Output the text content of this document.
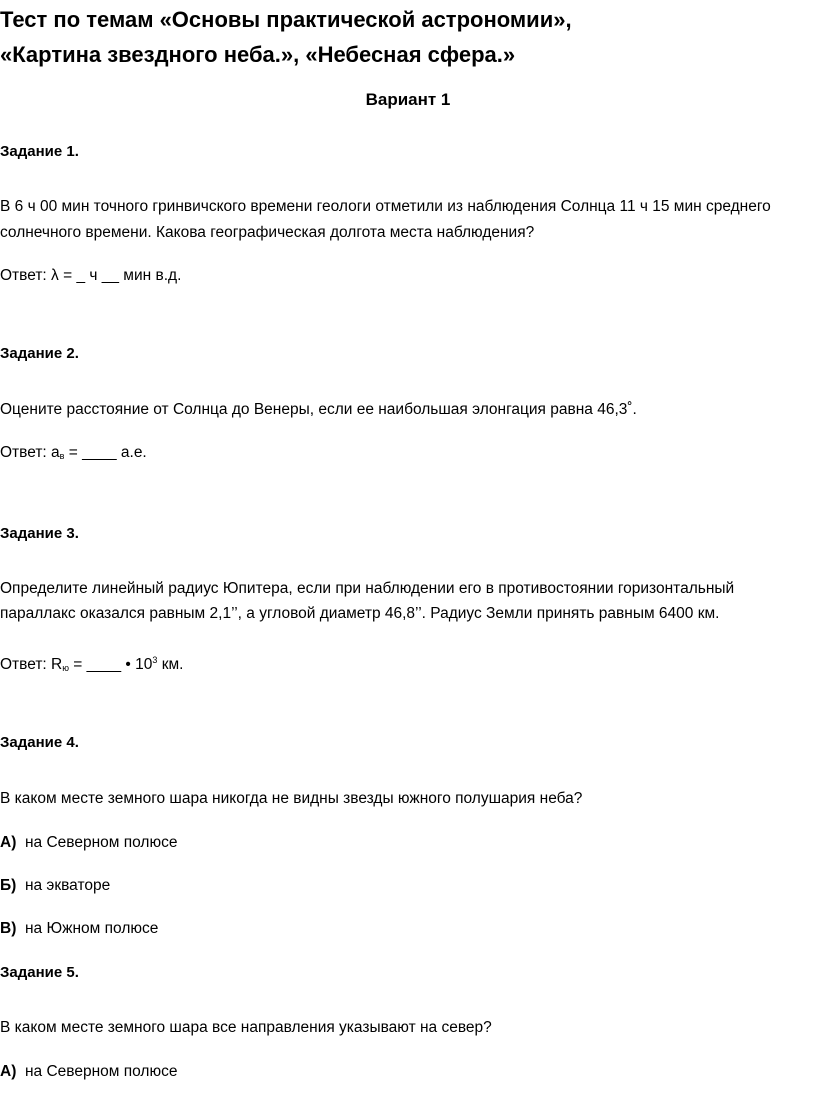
Тест по темам «Основы практической астрономии»,
«Картина звездного неба.», «Небесная сфера.»
Вариант 1
Задание 1.
В 6 ч 00 мин точного гринвичского времени геологи отметили из наблюдения Солнца 11 ч 15 мин среднего
солнечного времени. Какова географическая долгота места наблюдения?
Ответ: λ = _ ч __ мин в.д.
Задание 2.
Оцените расстояние от Солнца до Венеры, если ее наибольшая элонгация равна 46,3˚.
Ответ: $a_в$ = ____ а.е.
Задание 3.
Определите линейный радиус Юпитера, если при наблюдении его в противостоянии горизонтальный
параллакс оказался равным 2,1’’, а угловой диаметр 46,8’’. Радиус Земли принять равным 6400 км.
Ответ: $R_ю$ = ____ • $10^3$ км.
Задание 4.
В каком месте земного шара никогда не видны звезды южного полушария неба?
А) на Северном полюсе
Б) на экваторе
В) на Южном полюсе
Задание 5.
В каком месте земного шара все направления указывают на север?
А) на Северном полюсе
